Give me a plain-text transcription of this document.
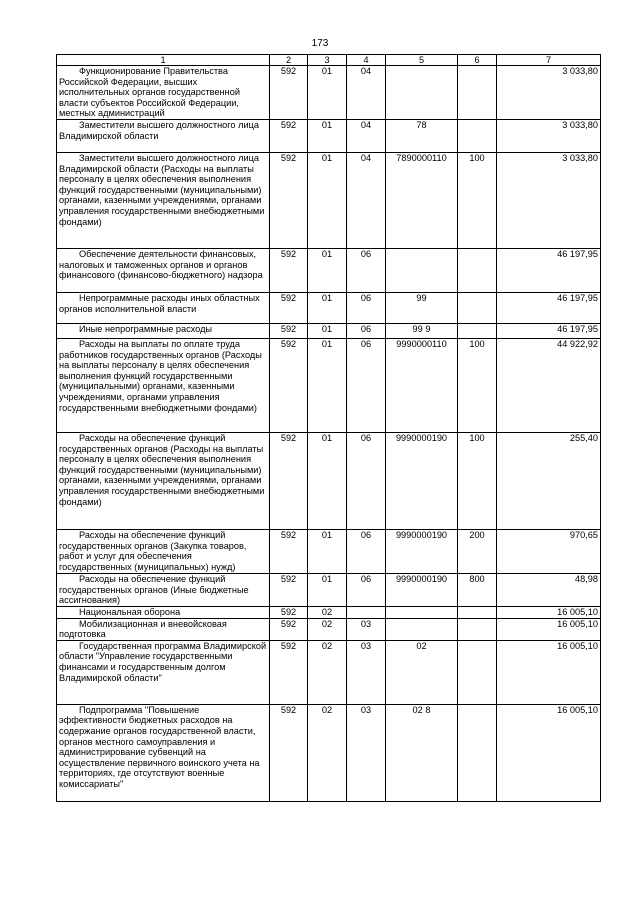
173
1	2	3	4	5	6	7
Функционирование Правительства Российской Федерации, высших исполнительных органов государственной власти субъектов Российской Федерации, местных администраций	592	01	04			3 033,80
Заместители высшего должностного лица Владимирской области	592	01	04	78		3 033,80
Заместители высшего должностного лица Владимирской области (Расходы на выплаты персоналу в целях обеспечения выполнения функций государственными (муниципальными) органами, казенными учреждениями, органами управления государственными внебюджетными фондами)	592	01	04	7890000110	100	3 033,80
Обеспечение деятельности финансовых, налоговых и таможенных органов и органов финансового (финансово-бюджетного) надзора	592	01	06			46 197,95
Непрограммные расходы иных областных органов исполнительной власти	592	01	06	99		46 197,95
Иные непрограммные расходы	592	01	06	99 9		46 197,95
Расходы на выплаты по оплате труда работников государственных органов (Расходы на выплаты персоналу в целях обеспечения выполнения функций государственными (муниципальными) органами, казенными учреждениями, органами управления государственными внебюджетными фондами)	592	01	06	9990000110	100	44 922,92
Расходы на обеспечение функций государственных органов (Расходы на выплаты персоналу в целях обеспечения выполнения функций государственными (муниципальными) органами, казенными учреждениями, органами управления государственными внебюджетными фондами)	592	01	06	9990000190	100	255,40
Расходы на обеспечение функций государственных органов (Закупка товаров, работ и услуг для обеспечения государственных (муниципальных) нужд)	592	01	06	9990000190	200	970,65
Расходы на обеспечение функций государственных органов (Иные бюджетные ассигнования)	592	01	06	9990000190	800	48,98
Национальная оборона	592	02				16 005,10
Мобилизационная и вневойсковая подготовка	592	02	03			16 005,10
Государственная программа Владимирской области "Управление государственными финансами и государственным долгом Владимирской области"	592	02	03	02		16 005,10
Подпрограмма "Повышение эффективности бюджетных расходов на содержание органов государственной власти, органов местного самоуправления и администрирование субвенций на осуществление первичного воинского учета на территориях, где отсутствуют военные комиссариаты"	592	02	03	02 8		16 005,10
